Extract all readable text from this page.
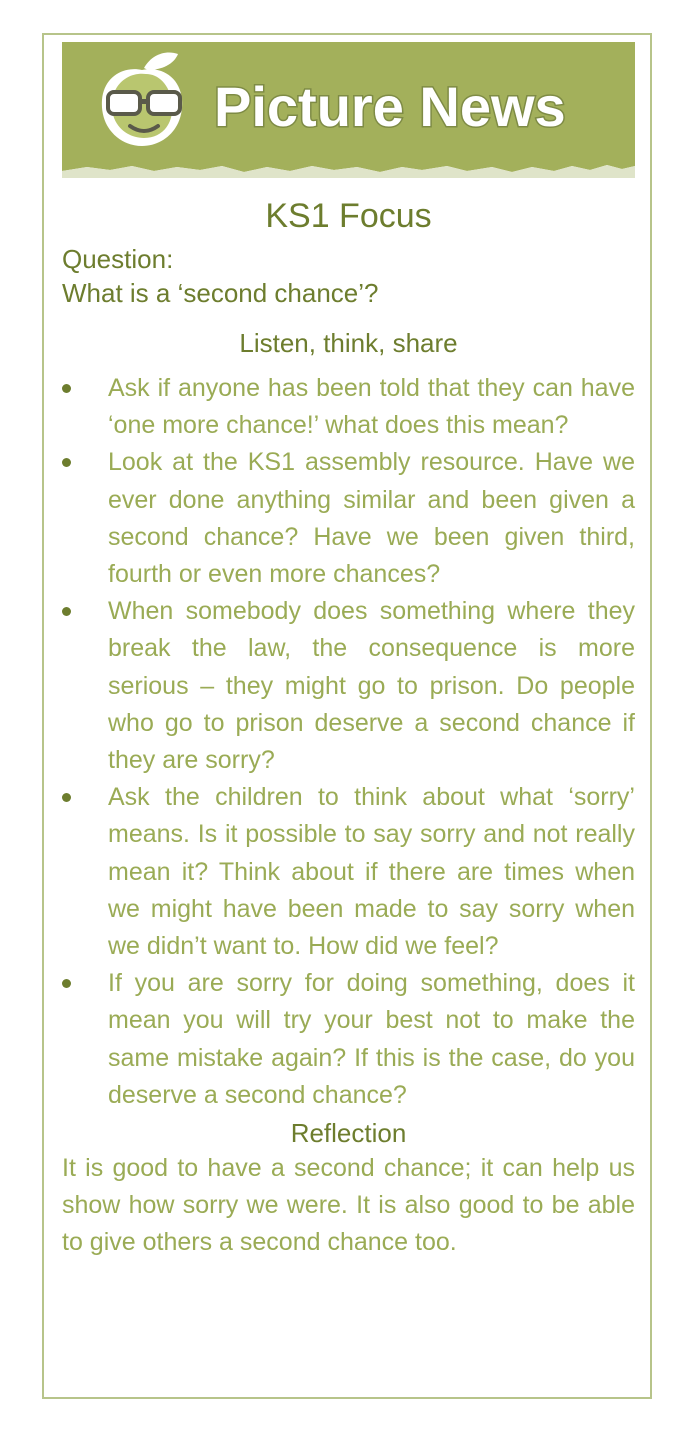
Picture News
KS1 Focus
Question:
What is a ‘second chance’?
Listen, think, share
Ask if anyone has been told that they can have ‘one more chance!’ what does this mean?
Look at the KS1 assembly resource. Have we ever done anything similar and been given a second chance? Have we been given third, fourth or even more chances?
When somebody does something where they break the law, the consequence is more serious – they might go to prison. Do people who go to prison deserve a second chance if they are sorry?
Ask the children to think about what ‘sorry’ means. Is it possible to say sorry and not really mean it? Think about if there are times when we might have been made to say sorry when we didn’t want to. How did we feel?
If you are sorry for doing something, does it mean you will try your best not to make the same mistake again? If this is the case, do you deserve a second chance?
Reflection
It is good to have a second chance; it can help us show how sorry we were. It is also good to be able to give others a second chance too.
